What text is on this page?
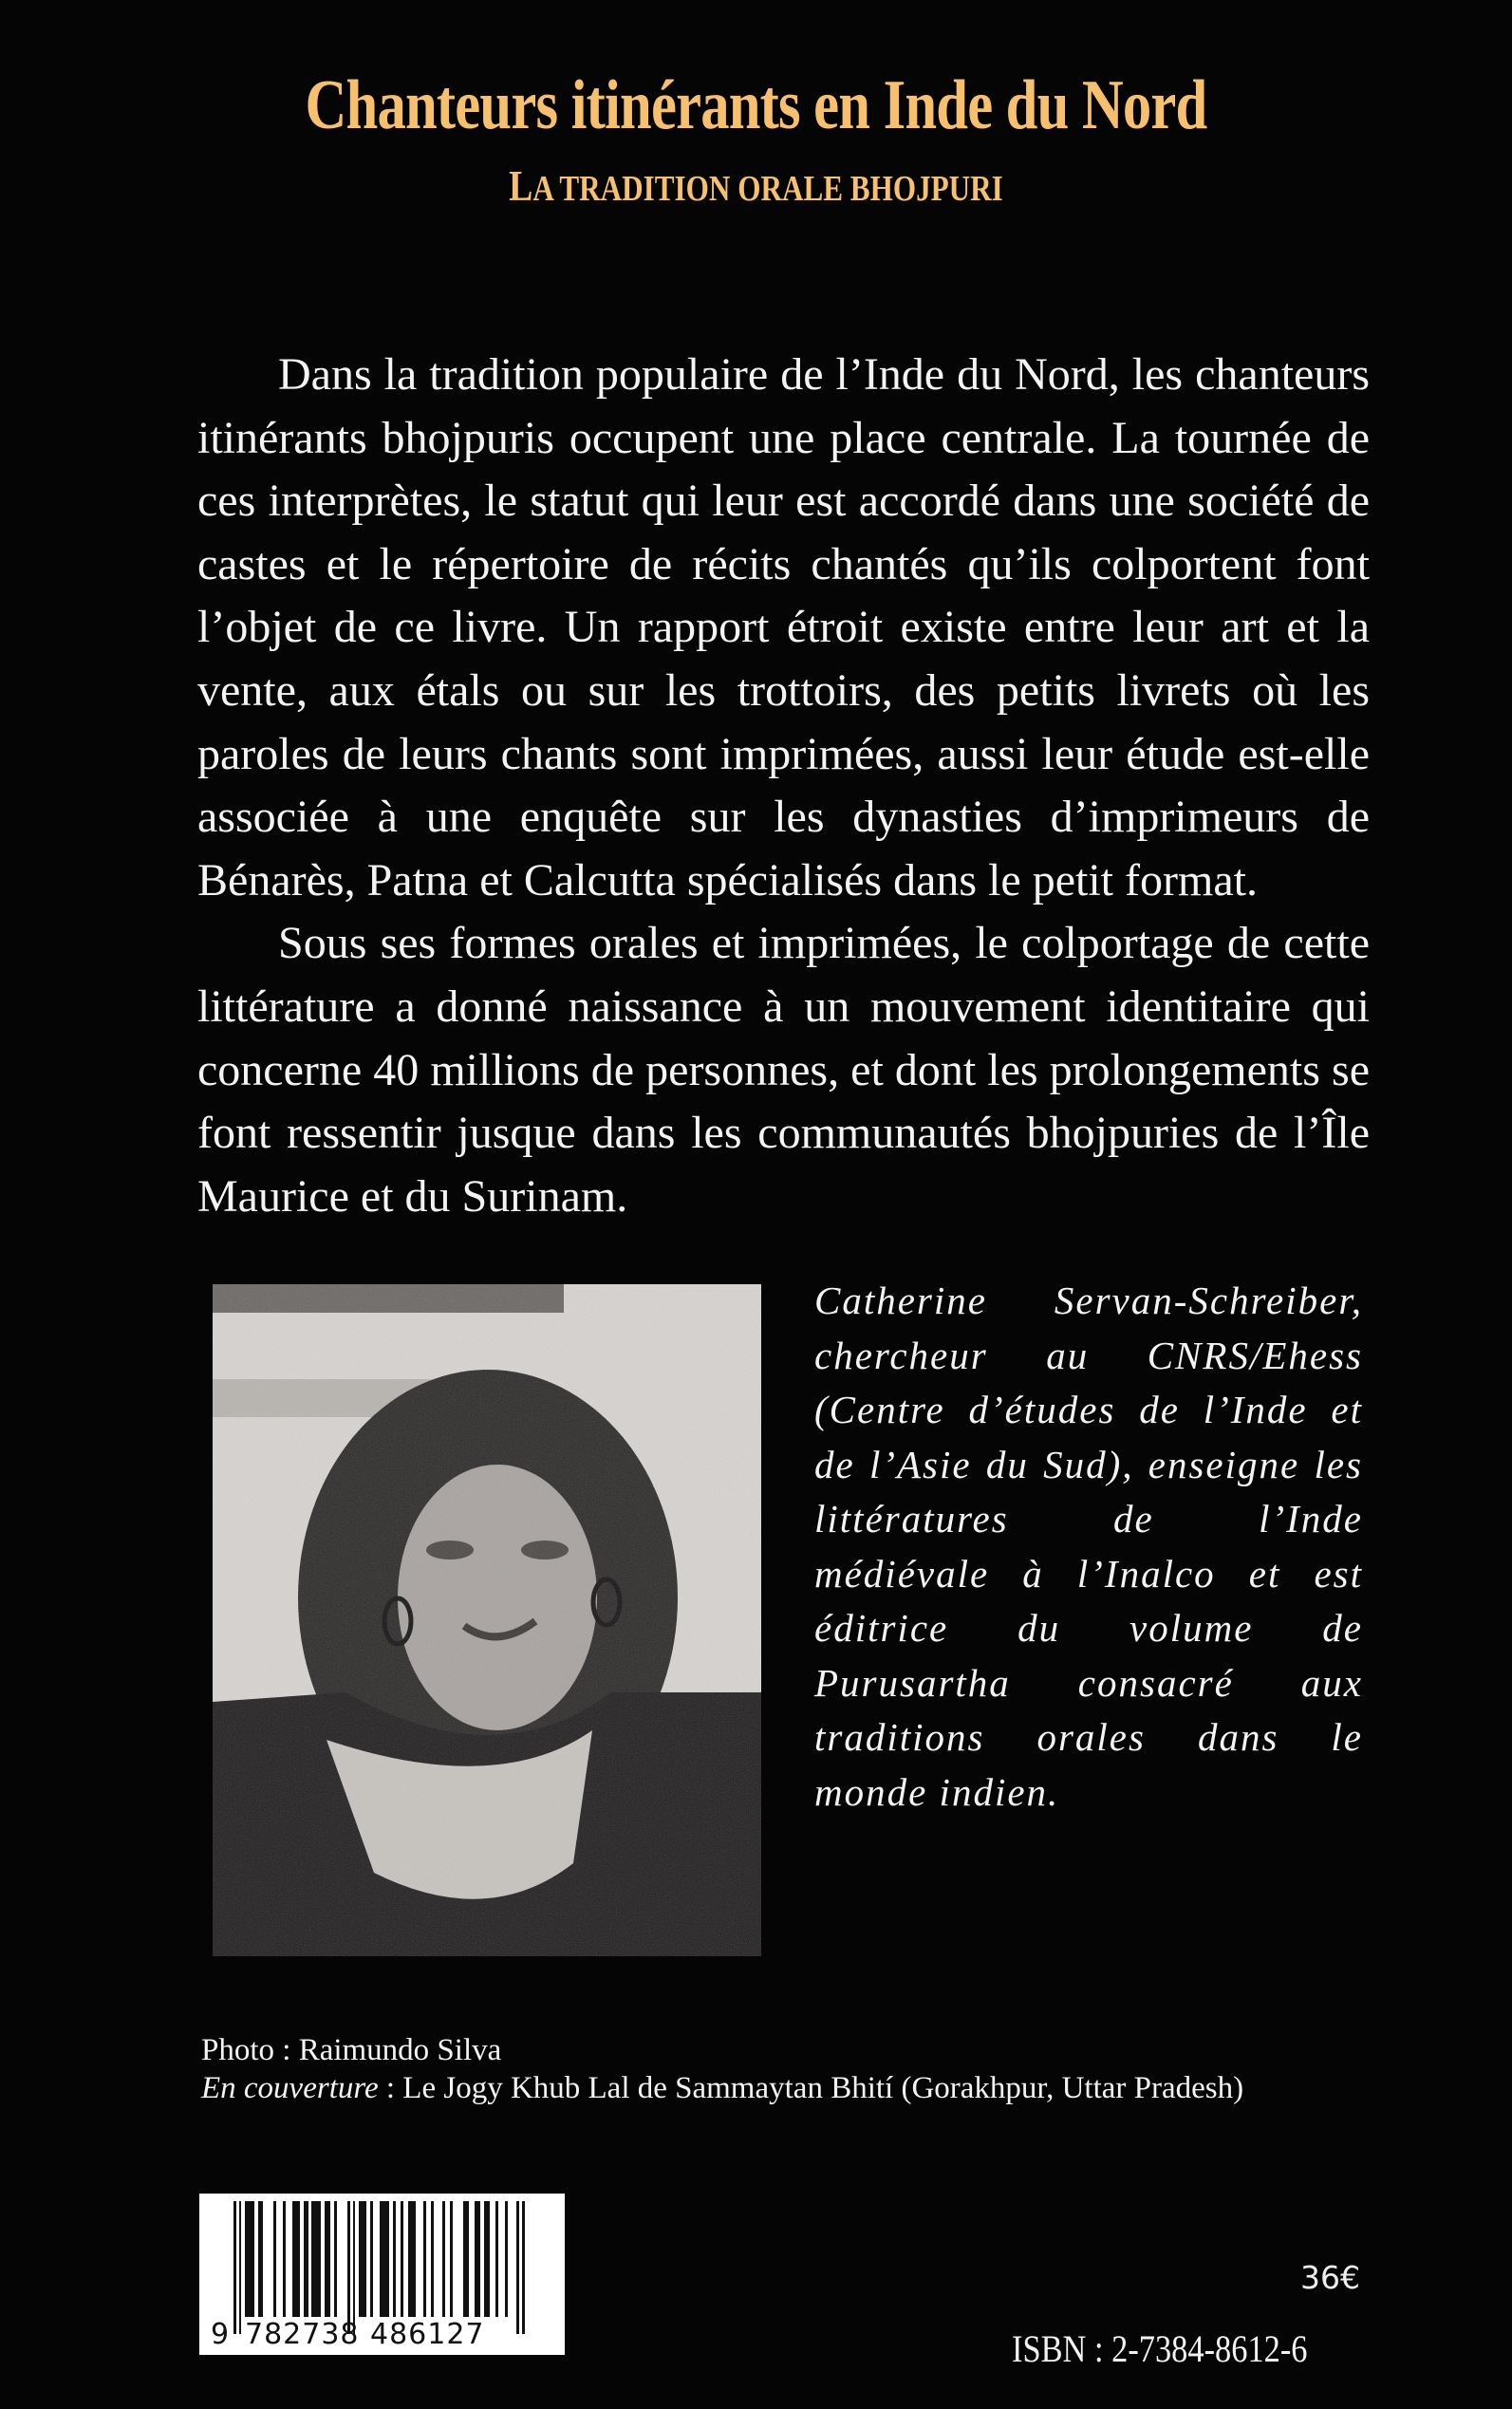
Chanteurs itinérants en Inde du Nord
LA TRADITION ORALE BHOJPURI

Dans la tradition populaire de l’Inde du Nord, les chanteurs itinérants bhojpuris occupent une place centrale. La tournée de ces interprètes, le statut qui leur est accordé dans une société de castes et le répertoire de récits chantés qu’ils colportent font l’objet de ce livre. Un rapport étroit existe entre leur art et la vente, aux étals ou sur les trottoirs, des petits livrets où les paroles de leurs chants sont imprimées, aussi leur étude est-elle associée à une enquête sur les dynasties d’imprimeurs de Bénarès, Patna et Calcutta spécialisés dans le petit format.

Sous ses formes orales et imprimées, le colportage de cette littérature a donné naissance à un mouvement identitaire qui concerne 40 millions de personnes, et dont les prolongements se font ressentir jusque dans les communautés bhojpuries de l’Île Maurice et du Surinam.

Catherine Servan-Schreiber, chercheur au CNRS/Ehess (Centre d’études de l’Inde et de l’Asie du Sud), enseigne les littératures de l’Inde médiévale à l’Inalco et est éditrice du volume de Purusartha consacré aux traditions orales dans le monde indien.
Photo : Raimundo Silva
En couverture : Le Jogy Khub Lal de Sammaytan Bhití (Gorakhpur, Uttar Pradesh)
9 782738 486127
36€
ISBN : 2-7384-8612-6
